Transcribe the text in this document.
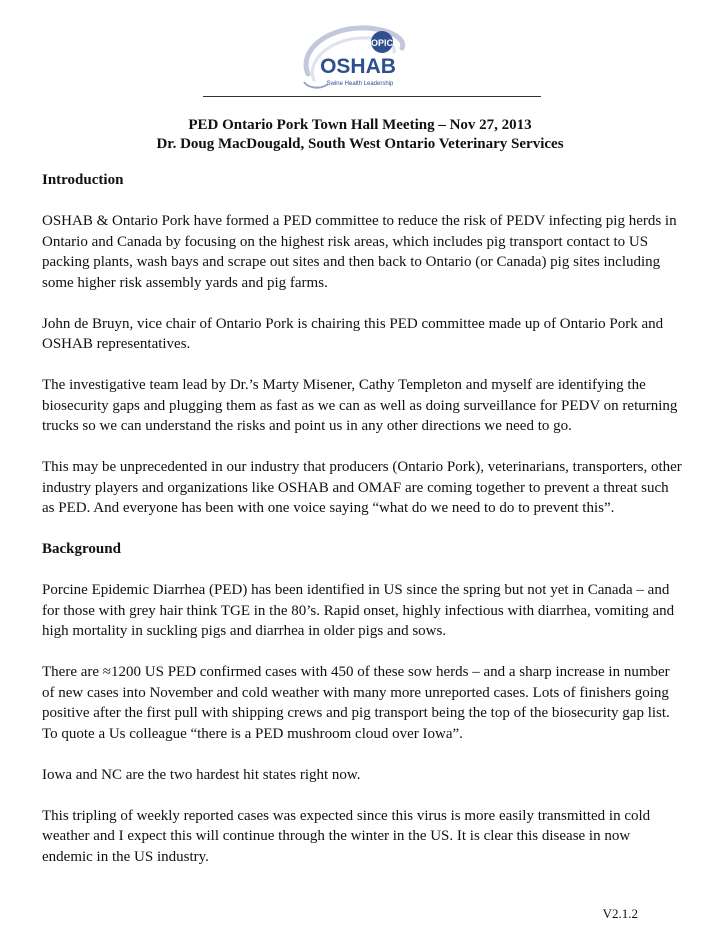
OPIC
OSHAB
Swine Health Leadership
PED Ontario Pork Town Hall Meeting – Nov 27, 2013
Dr. Doug MacDougald, South West Ontario Veterinary Services

Introduction

OSHAB & Ontario Pork have formed a PED committee to reduce the risk of PEDV infecting pig herds in Ontario and Canada by focusing on the highest risk areas, which includes pig transport contact to US packing plants, wash bays and scrape out sites and then back to Ontario (or Canada) pig sites including some higher risk assembly yards and pig farms.

John de Bruyn, vice chair of Ontario Pork is chairing this PED committee made up of Ontario Pork and OSHAB representatives.

The investigative team lead by Dr.’s Marty Misener, Cathy Templeton and myself are identifying the biosecurity gaps and plugging them as fast as we can as well as doing surveillance for PEDV on returning trucks so we can understand the risks and point us in any other directions we need to go.

This may be unprecedented in our industry that producers (Ontario Pork), veterinarians, transporters, other industry players and organizations like OSHAB and OMAF are coming together to prevent a threat such as PED. And everyone has been with one voice saying “what do we need to do to prevent this”.

Background

Porcine Epidemic Diarrhea (PED) has been identified in US since the spring but not yet in Canada – and for those with grey hair think TGE in the 80’s. Rapid onset, highly infectious with diarrhea, vomiting and high mortality in suckling pigs and diarrhea in older pigs and sows.

There are ≈1200 US PED confirmed cases with 450 of these sow herds – and a sharp increase in number of new cases into November and cold weather with many more unreported cases. Lots of finishers going positive after the first pull with shipping crews and pig transport being the top of the biosecurity gap list. To quote a Us colleague “there is a PED mushroom cloud over Iowa”.

Iowa and NC are the two hardest hit states right now.

This tripling of weekly reported cases was expected since this virus is more easily transmitted in cold weather and I expect this will continue through the winter in the US. It is clear this disease in now endemic in the US industry.

V2.1.2
